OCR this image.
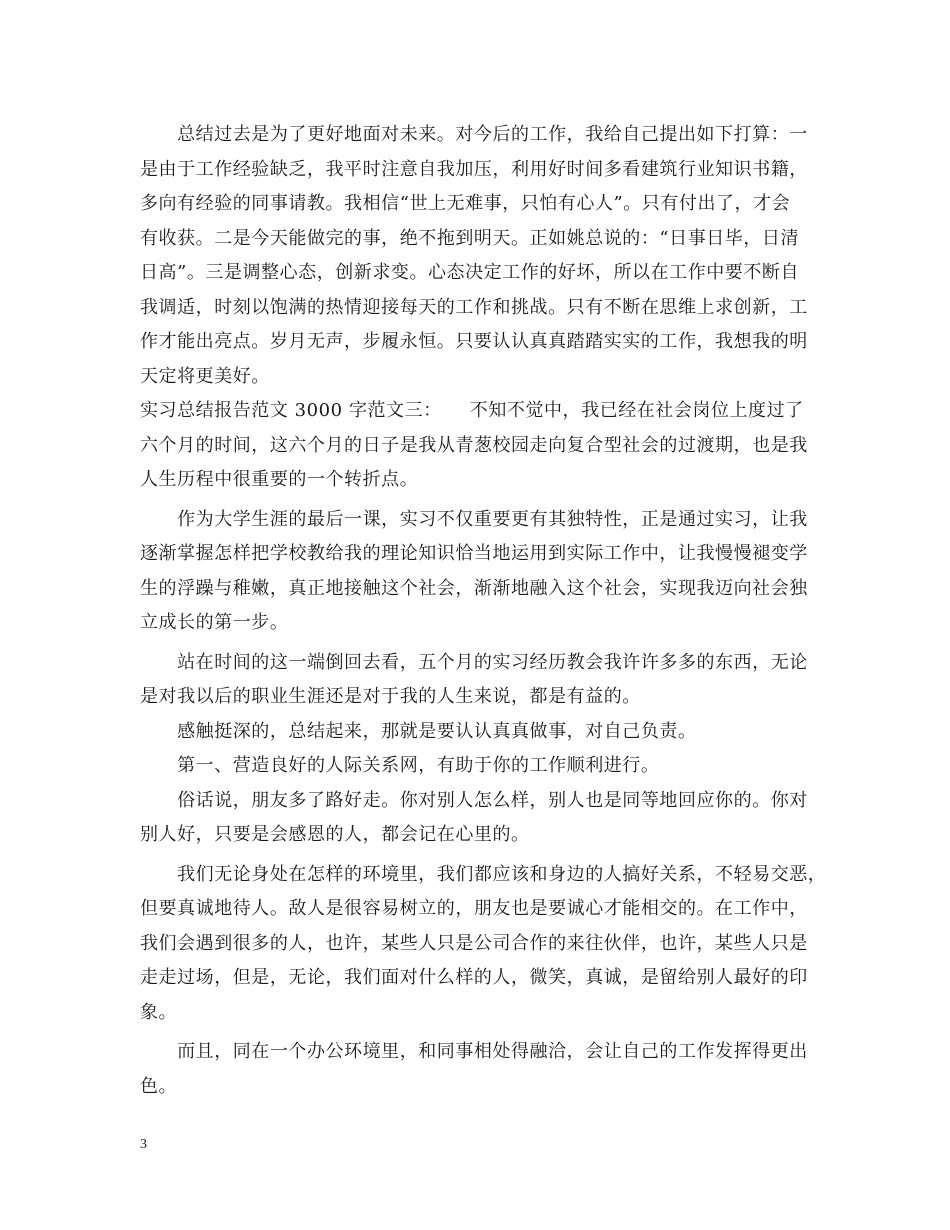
　　总结过去是为了更好地面对未来。对今后的工作，我给自己提出如下打算：一
是由于工作经验缺乏，我平时注意自我加压，利用好时间多看建筑行业知识书籍，
多向有经验的同事请教。我相信“世上无难事，只怕有心人”。只有付出了，才会
有收获。二是今天能做完的事，绝不拖到明天。正如姚总说的：“日事日毕，日清
日高”。三是调整心态，创新求变。心态决定工作的好坏，所以在工作中要不断自
我调适，时刻以饱满的热情迎接每天的工作和挑战。只有不断在思维上求创新，工
作才能出亮点。岁月无声，步履永恒。只要认认真真踏踏实实的工作，我想我的明
天定将更美好。
实习总结报告范文 3000 字范文三：　　不知不觉中，我已经在社会岗位上度过了
六个月的时间，这六个月的日子是我从青葱校园走向复合型社会的过渡期，也是我
人生历程中很重要的一个转折点。
　　作为大学生涯的最后一课，实习不仅重要更有其独特性，正是通过实习，让我
逐渐掌握怎样把学校教给我的理论知识恰当地运用到实际工作中，让我慢慢褪变学
生的浮躁与稚嫩，真正地接触这个社会，渐渐地融入这个社会，实现我迈向社会独
立成长的第一步。
　　站在时间的这一端倒回去看，五个月的实习经历教会我许许多多的东西，无论
是对我以后的职业生涯还是对于我的人生来说，都是有益的。
　　感触挺深的，总结起来，那就是要认认真真做事，对自己负责。
　　第一、营造良好的人际关系网，有助于你的工作顺利进行。
　　俗话说，朋友多了路好走。你对别人怎么样，别人也是同等地回应你的。你对
别人好，只要是会感恩的人，都会记在心里的。
　　我们无论身处在怎样的环境里，我们都应该和身边的人搞好关系，不轻易交恶，
但要真诚地待人。敌人是很容易树立的，朋友也是要诚心才能相交的。在工作中，
我们会遇到很多的人，也许，某些人只是公司合作的来往伙伴，也许，某些人只是
走走过场，但是，无论，我们面对什么样的人，微笑，真诚，是留给别人最好的印
象。
　　而且，同在一个办公环境里，和同事相处得融洽，会让自己的工作发挥得更出
色。
3
